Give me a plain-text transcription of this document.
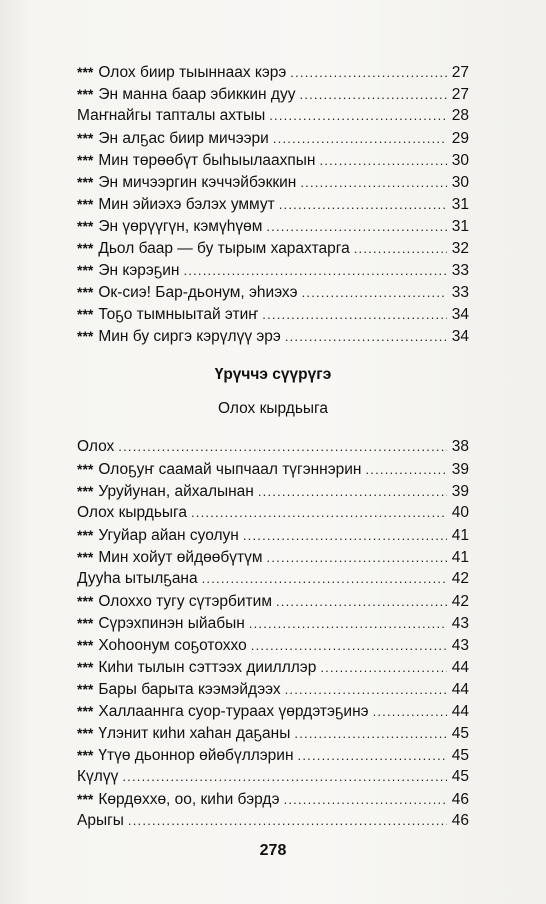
*** Олох биир тыыннаах кэрэ .....	27
*** Эн манна баар эбиккин дуу .....	27
Маҥнайгы тапталы ахтыы .....	28
*** Эн алҕас биир мичээри .....	29
*** Мин төрөөбүт быһыылаахпын .....	30
*** Эн мичээргин кэччэйбэккин .....	30
*** Мин эйиэхэ бэлэх уммут .....	31
*** Эн үөрүүгүн, кэмүһүөм .....	31
*** Дьол баар — бу тырым харахтарга .....	32
*** Эн кэрэҕин .....	33
*** Ок-сиэ! Бар-дьонум, эһиэхэ .....	33
*** Тоҕо тымныытай этиҥ .....	34
*** Мин бу сиргэ кэрүлүү эрэ .....	34
Үрүччэ сүүрүгэ
Олох кырдьыга
Олох .....	38
*** Олоҕуҥ саамай чыпчаал түгэннэрин .....	39
*** Уруйунан, айхалынан .....	39
Олох кырдьыга .....	40
*** Угуйар айан суолун .....	41
*** Мин хойут өйдөөбүтүм .....	41
Дууһа ытылҕана .....	42
*** Олоххо тугу сүтэрбитим .....	42
*** Сүрэхпинэн ыйабын .....	43
*** Хоһоонум соҕотоххо .....	43
*** Киһи тылын сэттээх диилллэр .....	44
*** Бары барыта кээмэйдээх .....	44
*** Халлааннга суор-тураах үөрдэтэҕинэ .....	44
*** Үлэнит киһи хаһан даҕаны .....	45
*** Үтүө дьоннор өйөбүллэрин .....	45
Күлүү .....	45
*** Көрдөххө, оо, киһи бэрдэ .....	46
Арыгы .....	46
278
